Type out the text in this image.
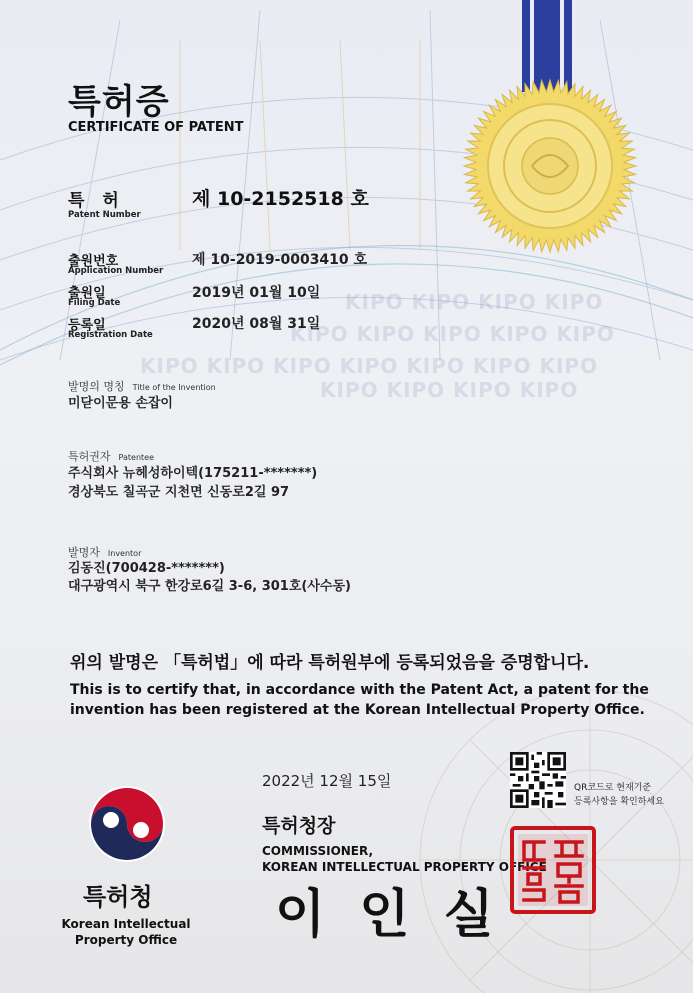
KIPO KIPO KIPO KIPO
KIPO KIPO KIPO KIPO KIPO
KIPO KIPO KIPO KIPO KIPO KIPO KIPO
KIPO KIPO KIPO KIPO
특허증
CERTIFICATE OF PATENT
특 허
Patent Number
제 10-2152518 호
출원번호
Application Number
제 10-2019-0003410 호
출원일
Filing Date
2019년 01월 10일
등록일
Registration Date
2020년 08월 31일
발명의 명칭 Title of the Invention
미닫이문용 손잡이
특허권자 Patentee
주식회사 뉴헤성하이텍(175211-*******)
경상북도 칠곡군 지천면 신동로2길 97
발명자 Inventor
김동진(700428-*******)
대구광역시 북구 한강로6길 3-6, 301호(사수동)
위의 발명은 「특허법」에 따라 특허원부에 등록되었음을 증명합니다.
This is to certify that, in accordance with the Patent Act, a patent for the
invention has been registered at the Korean Intellectual Property Office.
2022년 12월 15일	QR코드로 현재기준
등록사항을 확인하세요
특허청장
COMMISSIONER,
KOREAN INTELLECTUAL PROPERTY OFFICE
이인실
특허청
Korean Intellectual
Property Office
